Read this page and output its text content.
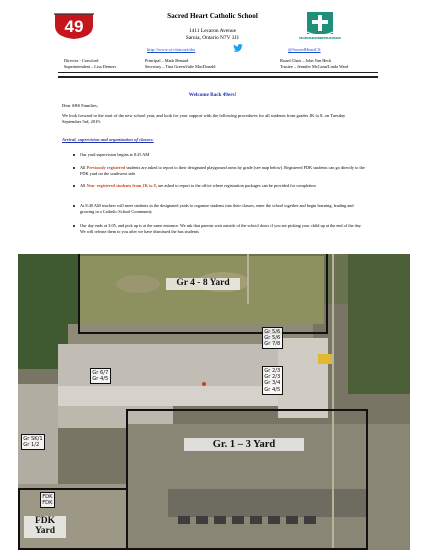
49
Sacred Heart Catholic School
1411 Lecaron Avenue
Sarnia, Ontario N7V 3J1	ST. CLAIR CATHOLIC DISTRICT SCHOOL BOARD
http://www.st-clair.net/shs	@SacredHeartCS
Director - Crawford
Superintendent – Lisa Demers
Principal – Mark Renaud
Secretary – Tina Green/Julie MacDonald
Board Chair – John Van Heck
Trustee – Jennifer McCann/Linda Ward
Welcome Back 49ers!
Dear SHS Families,
We look forward to the start of the new school year, and look for your support with the following procedures for all students from grades JK to 8, on Tuesday September 3rd, 2019:
Arrival, supervision and organization of classes:
Our yard supervision begins at 8:25 AM
All Previously registered students are asked to report to their designated playground areas by grade (see map below). Registered FDK students can go directly to the FDK yard on the southwest side
All Non- registered students from JK to 8, are asked to report to the office where registration packages can be provided for completion
At 8:40 AM teachers will meet students in the designated yards to organize students into their classes, enter the school together and begin learning, leading and growing in a Catholic School Community
Our day ends at 3:05, and pick up is at the same entrance. We ask that parents wait outside of the school doors if you are picking your child up at the end of the day. We will release them to you after we have dismissed the bus students
Gr 4 - 8 Yard
Gr. 1 – 3 Yard
FDK Yard
Gr 6/7
Gr 4/5
Gr 5/6
Gr 5/6
Gr 7/8
Gr 2/3
Gr 2/3
Gr 3/4
Gr 4/5
Gr SK/1
Gr 1/2
FDK
FDK
